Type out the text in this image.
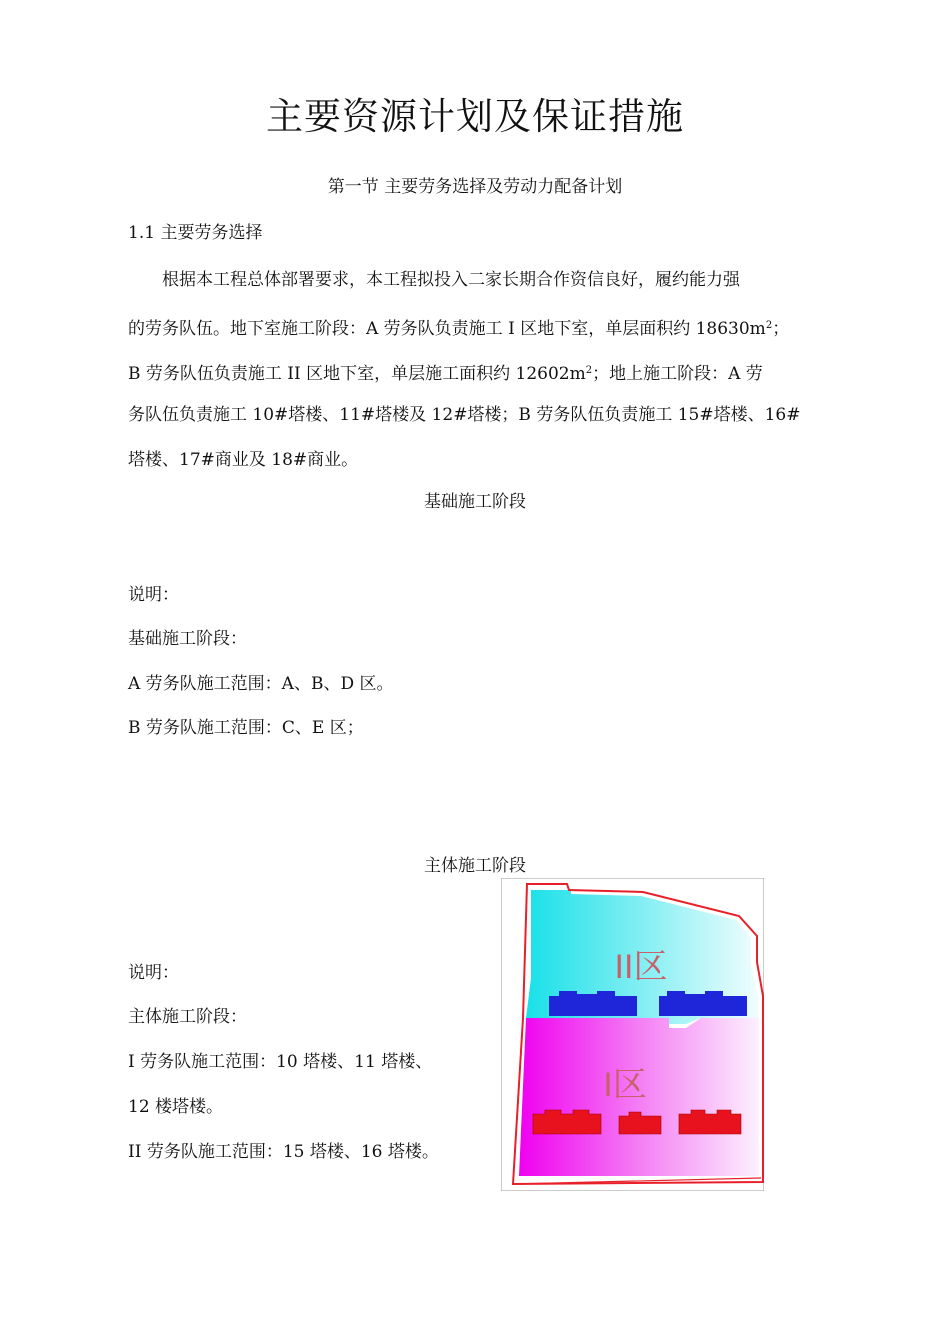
主要资源计划及保证措施
第一节 主要劳务选择及劳动力配备计划
1.1 主要劳务选择
根据本工程总体部署要求，本工程拟投入二家长期合作资信良好，履约能力强
的劳务队伍。地下室施工阶段：A 劳务队负责施工 I 区地下室，单层面积约 $18630m^2$；
B 劳务队伍负责施工 II 区地下室，单层施工面积约 $12602m^2$；地上施工阶段：A 劳
务队伍负责施工 10#塔楼、11#塔楼及 12#塔楼；B 劳务队伍负责施工 15#塔楼、16#
塔楼、17#商业及 18#商业。
基础施工阶段
说明：
基础施工阶段：
A 劳务队施工范围：A、B、D 区。
B 劳务队施工范围：C、E 区；
主体施工阶段
说明：
主体施工阶段：
I 劳务队施工范围：10 塔楼、11 塔楼、
12 楼塔楼。
II 劳务队施工范围：15 塔楼、16 塔楼。
II区
I区
